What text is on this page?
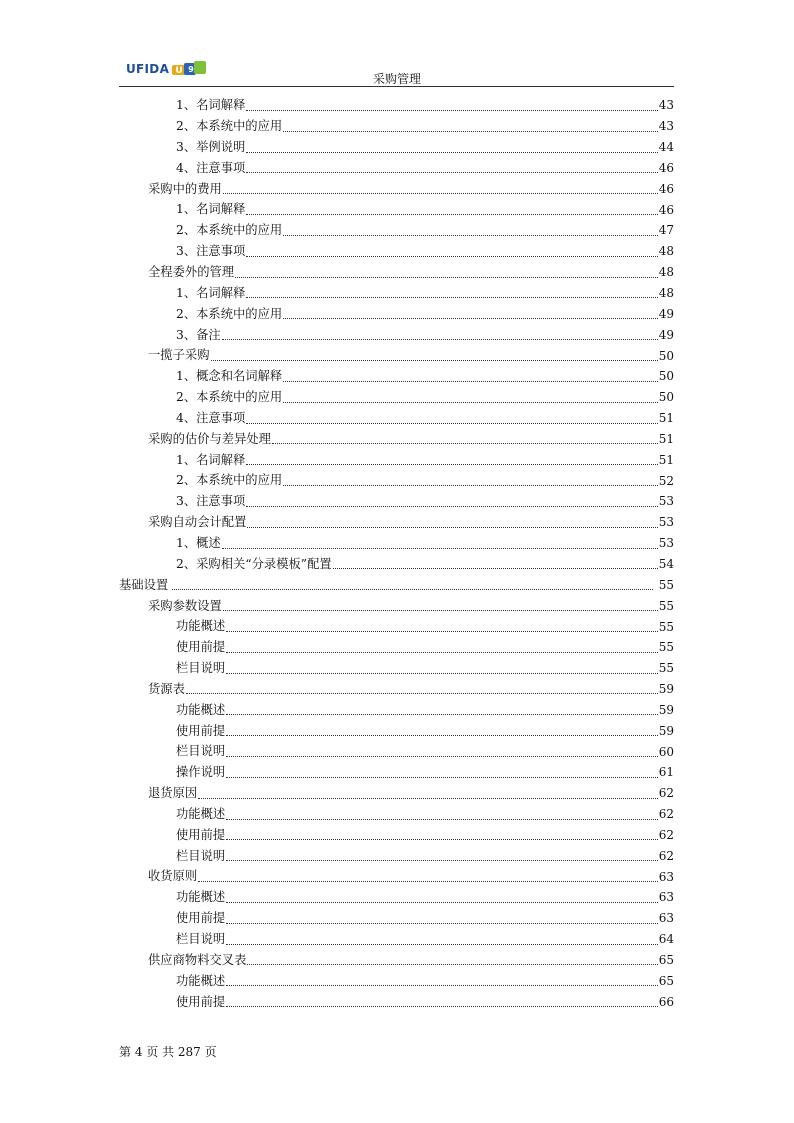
UFIDA U 9
采购管理
1、名词解释	43
2、本系统中的应用	43
3、举例说明	44
4、注意事项	46
采购中的费用	46
1、名词解释	46
2、本系统中的应用	47
3、注意事项	48
全程委外的管理	48
1、名词解释	48
2、本系统中的应用	49
3、备注	49
一揽子采购	50
1、概念和名词解释	50
2、本系统中的应用	50
4、注意事项	51
采购的估价与差异处理	51
1、名词解释	51
2、本系统中的应用	52
3、注意事项	53
采购自动会计配置	53
1、概述	53
2、采购相关“分录模板”配置	54
基础设置	55
采购参数设置	55
功能概述	55
使用前提	55
栏目说明	55
货源表	59
功能概述	59
使用前提	59
栏目说明	60
操作说明	61
退货原因	62
功能概述	62
使用前提	62
栏目说明	62
收货原则	63
功能概述	63
使用前提	63
栏目说明	64
供应商物料交叉表	65
功能概述	65
使用前提	66
第 4 页 共 287 页
